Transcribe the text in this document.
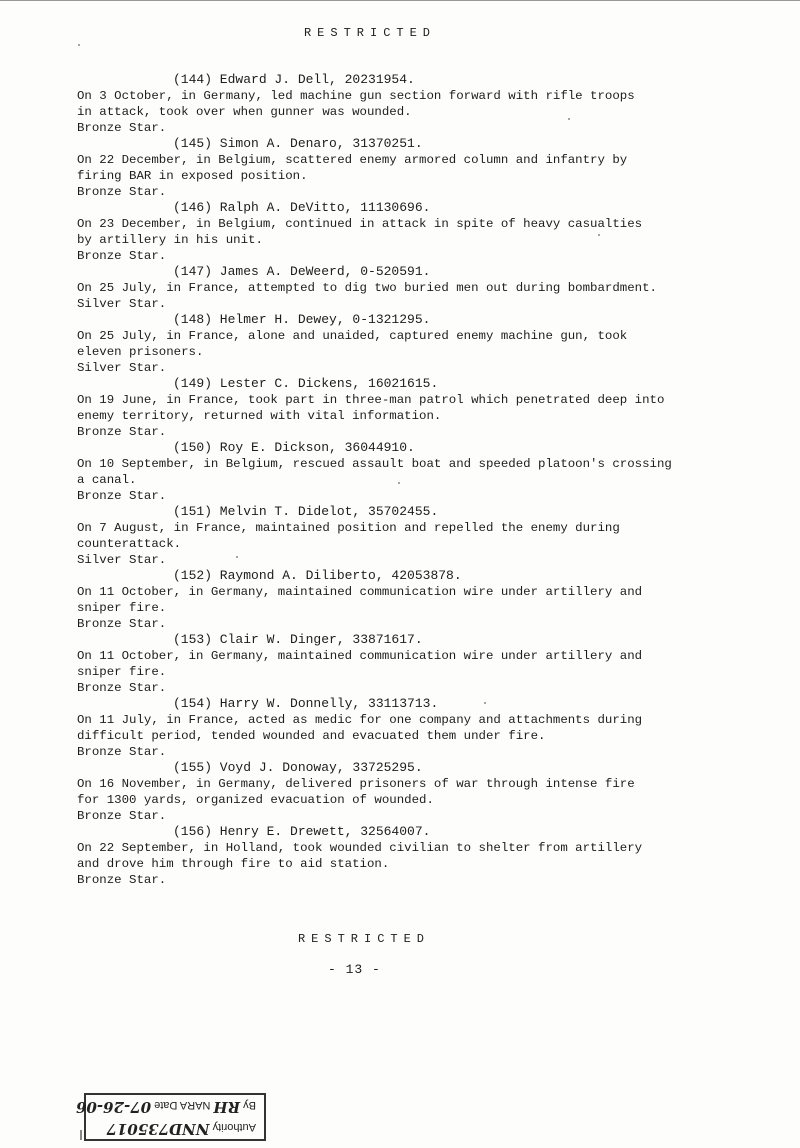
RESTRICTED
(144) Edward J. Dell, 20231954.
On 3 October, in Germany, led machine gun section forward with rifle troops
in attack, took over when gunner was wounded.
Bronze Star.
(145) Simon A. Denaro, 31370251.
On 22 December, in Belgium, scattered enemy armored column and infantry by
firing BAR in exposed position.
Bronze Star.
(146) Ralph A. DeVitto, 11130696.
On 23 December, in Belgium, continued in attack in spite of heavy casualties
by artillery in his unit.
Bronze Star.
(147) James A. DeWeerd, 0-520591.
On 25 July, in France, attempted to dig two buried men out during bombardment.
Silver Star.
(148) Helmer H. Dewey, 0-1321295.
On 25 July, in France, alone and unaided, captured enemy machine gun, took
eleven prisoners.
Silver Star.
(149) Lester C. Dickens, 16021615.
On 19 June, in France, took part in three-man patrol which penetrated deep into
enemy territory, returned with vital information.
Bronze Star.
(150) Roy E. Dickson, 36044910.
On 10 September, in Belgium, rescued assault boat and speeded platoon's crossing
a canal.
Bronze Star.
(151) Melvin T. Didelot, 35702455.
On 7 August, in France, maintained position and repelled the enemy during
counterattack.
Silver Star.
(152) Raymond A. Diliberto, 42053878.
On 11 October, in Germany, maintained communication wire under artillery and
sniper fire.
Bronze Star.
(153) Clair W. Dinger, 33871617.
On 11 October, in Germany, maintained communication wire under artillery and
sniper fire.
Bronze Star.
(154) Harry W. Donnelly, 33113713.
On 11 July, in France, acted as medic for one company and attachments during
difficult period, tended wounded and evacuated them under fire.
Bronze Star.
(155) Voyd J. Donoway, 33725295.
On 16 November, in Germany, delivered prisoners of war through intense fire
for 1300 yards, organized evacuation of wounded.
Bronze Star.
(156) Henry E. Drewett, 32564007.
On 22 September, in Holland, took wounded civilian to shelter from artillery
and drove him through fire to aid station.
Bronze Star.
RESTRICTED
- 13 -
Authority NND735017
By RH NARA Date 07-26-06
